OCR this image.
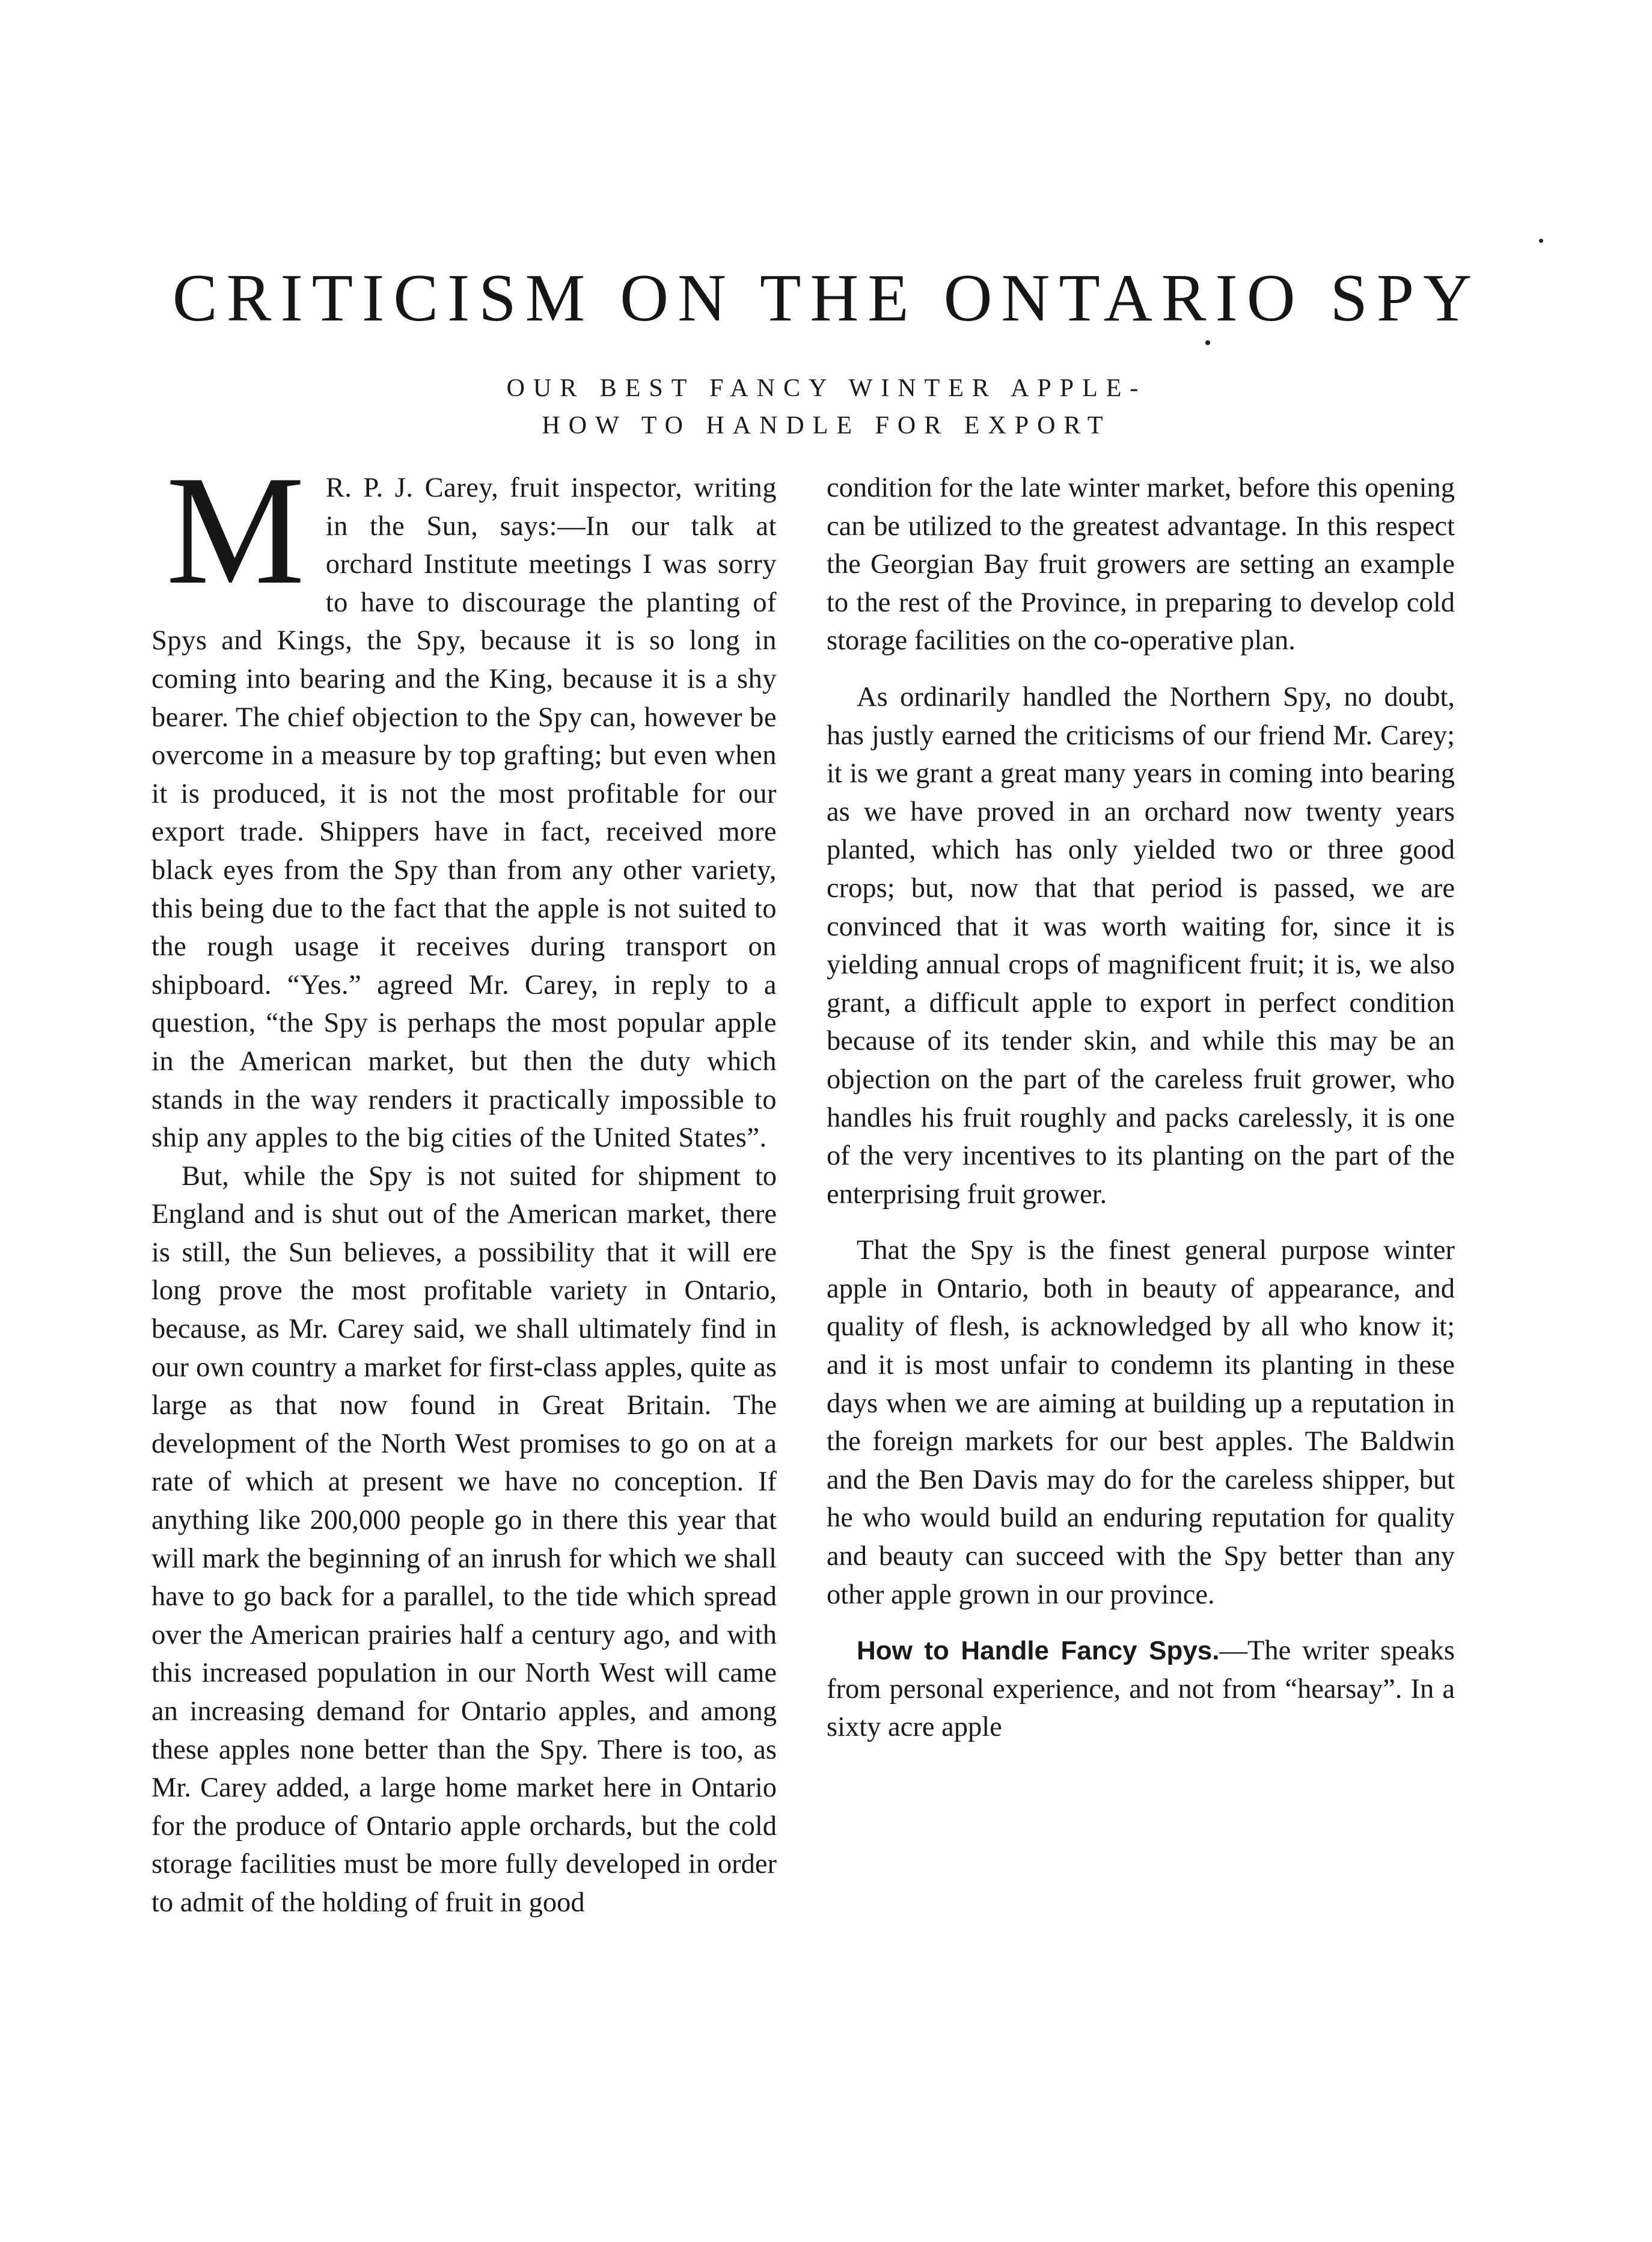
CRITICISM ON THE ONTARIO SPY
OUR BEST FANCY WINTER APPLE-
HOW TO HANDLE FOR EXPORT

M R. P. J. Carey, fruit inspector, writing in the Sun, says:—In our talk at orchard Institute meetings I was sorry to have to discourage the planting of Spys and Kings, the Spy, because it is so long in coming into bearing and the King, because it is a shy bearer. The chief objection to the Spy can, however be overcome in a measure by top grafting; but even when it is produced, it is not the most profitable for our export trade. Shippers have in fact, received more black eyes from the Spy than from any other variety, this being due to the fact that the apple is not suited to the rough usage it receives during transport on shipboard. “Yes.” agreed Mr. Carey, in reply to a question, “the Spy is perhaps the most popular apple in the American market, but then the duty which stands in the way renders it practically impossible to ship any apples to the big cities of the United States”.

But, while the Spy is not suited for shipment to England and is shut out of the American market, there is still, the Sun believes, a possibility that it will ere long prove the most profitable variety in Ontario, because, as Mr. Carey said, we shall ultimately find in our own country a market for first-class apples, quite as large as that now found in Great Britain. The development of the North West promises to go on at a rate of which at present we have no conception. If anything like 200,000 people go in there this year that will mark the beginning of an inrush for which we shall have to go back for a parallel, to the tide which spread over the American prairies half a century ago, and with this increased population in our North West will came an increasing demand for Ontario apples, and among these apples none better than the Spy. There is too, as Mr. Carey added, a large home market here in Ontario for the produce of Ontario apple orchards, but the cold storage facilities must be more fully developed in order to admit of the holding of fruit in good

condition for the late winter market, before this opening can be utilized to the greatest advantage. In this respect the Georgian Bay fruit growers are setting an example to the rest of the Province, in preparing to develop cold storage facilities on the co-operative plan.

As ordinarily handled the Northern Spy, no doubt, has justly earned the criticisms of our friend Mr. Carey; it is we grant a great many years in coming into bearing as we have proved in an orchard now twenty years planted, which has only yielded two or three good crops; but, now that that period is passed, we are convinced that it was worth waiting for, since it is yielding annual crops of magnificent fruit; it is, we also grant, a difficult apple to export in perfect condition because of its tender skin, and while this may be an objection on the part of the careless fruit grower, who handles his fruit roughly and packs carelessly, it is one of the very incentives to its planting on the part of the enterprising fruit grower.

That the Spy is the finest general purpose winter apple in Ontario, both in beauty of appearance, and quality of flesh, is acknowledged by all who know it; and it is most unfair to condemn its planting in these days when we are aiming at building up a reputation in the foreign markets for our best apples. The Baldwin and the Ben Davis may do for the careless shipper, but he who would build an enduring reputation for quality and beauty can succeed with the Spy better than any other apple grown in our province.

How to Handle Fancy Spys.—The writer speaks from personal experience, and not from “hearsay”. In a sixty acre apple
